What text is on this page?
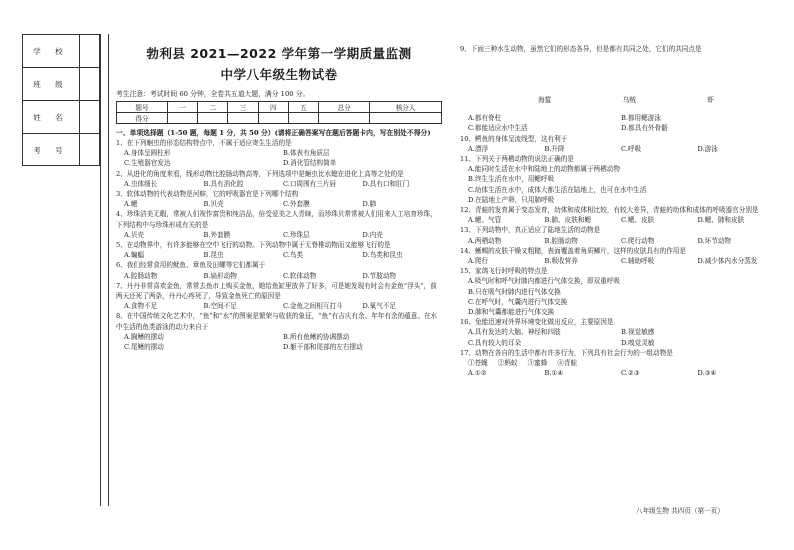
学 校
班 级
姓 名
考 号
勃利县 2021—2022 学年第一学期质量监测
中学八年级生物试卷
考生注意：考试时间 60 分钟，全卷共五道大题，满分 100 分。
题号	一	二	三	四	五	总分	核分人
得分							
一、单项选择题（1-50 题，每题 1 分，共 50 分）(请将正确答案写在题后答题卡内，写在别处不得分)
1、在下列蛔虫的形态结构特点中，不属于适应寄生生活的是
A.身体呈圆柱形	B.体表有角质层
C.生殖器官发达	D.消化管结构简单
2、从进化的角度来看，线形动物比腔肠动物高等，下列选项中是蛔虫比水螅在进化上高等之处的是
A.虫体细长	B.具有消化腔	C.口周围有三片唇	D.具有口和肛门
3、软体动物的代表动物是河蚌，它的呼吸器官是下列哪个结构
A.鳃	B.贝壳	C.外套膜	D.肺
4、珍珠洁美无暇，常被人们视作富贵和纯洁品，倍受爱美之人青睐，而珍珠贝常常被人们用来人工培育珍珠，下列结构中与珍珠形成有关的是
A.贝壳	B.外套膜	C.珍珠层	D.内壳
5、在动物界中，有许多能够在空中飞行的动物。下列动物中属于无脊椎动物而又能够飞行的是
A.蝙蝠	B.昆虫	C.鸟类	D.鸟类和昆虫
6、我们经常食用的鱿鱼、章鱼及田螺等它们都属于
A.腔肠动物	B.扁形动物	C.软体动物	D.节肢动物
7、丹丹非常喜欢金鱼，常常去鱼市上购买金鱼，她给鱼缸里放养了好多，可是她发现有时会有金鱼“浮头”，前两天还死了两条，丹丹心疼死了，导致金鱼死亡的原因是
A.食物不足	B.空间不足	C.金鱼之间相互打斗	D.氧气不足
8、在中国传统文化艺术中，“鱼”和“水”的图案是繁荣与收获的象征，“鱼”有吉庆有余、年年有余的蕴意。在水中生活的鱼类游泳的动力来自于
A.胸鳍的摆动	B.所有鱼鳍的协调摆动
C.尾鳍的摆动	D.躯干部和尾部的左右摆动
9、下面三种水生动物，虽然它们的形态各异，但是都有共同之处，它们的共同点是
海蜇	乌贼	虾
A.都有脊柱	B.都用鳃游泳
C.都能适应水中生活	D.都具有外骨骼
10、鳄鱼的身体呈流线型，这有利于
A.漂浮	B.升降	C.呼吸	D.游泳
11、下列关于两栖动物的说法正确的是
A.能同时生活在水中和陆地上的动物都属于两栖动物
B.终生生活在水中，用鳃呼吸
C.幼体生活在水中，成体大都生活在陆地上，也可在水中生活
D.在陆地上产卵，只用肺呼吸
12、青蛙的发育属于变态发育，幼体和成体相比较，有较大差异，青蛙的幼体和成体的呼吸器官分别是
A.鳃、气管	B.肺、皮肤和鳃	C.鳃、皮肤	D.鳃、肺和皮肤
13、下列动物中，真正适应了陆地生活的动物是
A.两栖动物	B.腔肠动物	C.爬行动物	D.环节动物
14、蜥蜴的皮肤干燥又粗糙，表面覆盖着角质鳞片，这样的皮肤具有的作用是
A.爬行	B.吸收营养	C.辅助呼吸	D.减少体内水分蒸发
15、家鸽飞行时呼吸的特点是
A.吸气时和呼气时肺内都进行气体交换，即双重呼吸
B.只在吸气时肺内进行气体交换
C.在呼气时，气囊内进行气体交换
D.肺和气囊都能进行气体交换
16、兔能迅速对外界环境变化做出反应，主要原因是
A.具有发达的大脑、神经和四肢	B.视觉敏感
C.具有较大的耳朵	D.嗅觉灵敏
17、动物在各自的生活中都有许多行为，下列具有社会行为的一组动物是
①苍蝇 ②蚂蚁 ③蜜蜂 ④青蛙
A.①②	B.①④	C.②③	D.③④
八年级生物 共四页（第一页）
